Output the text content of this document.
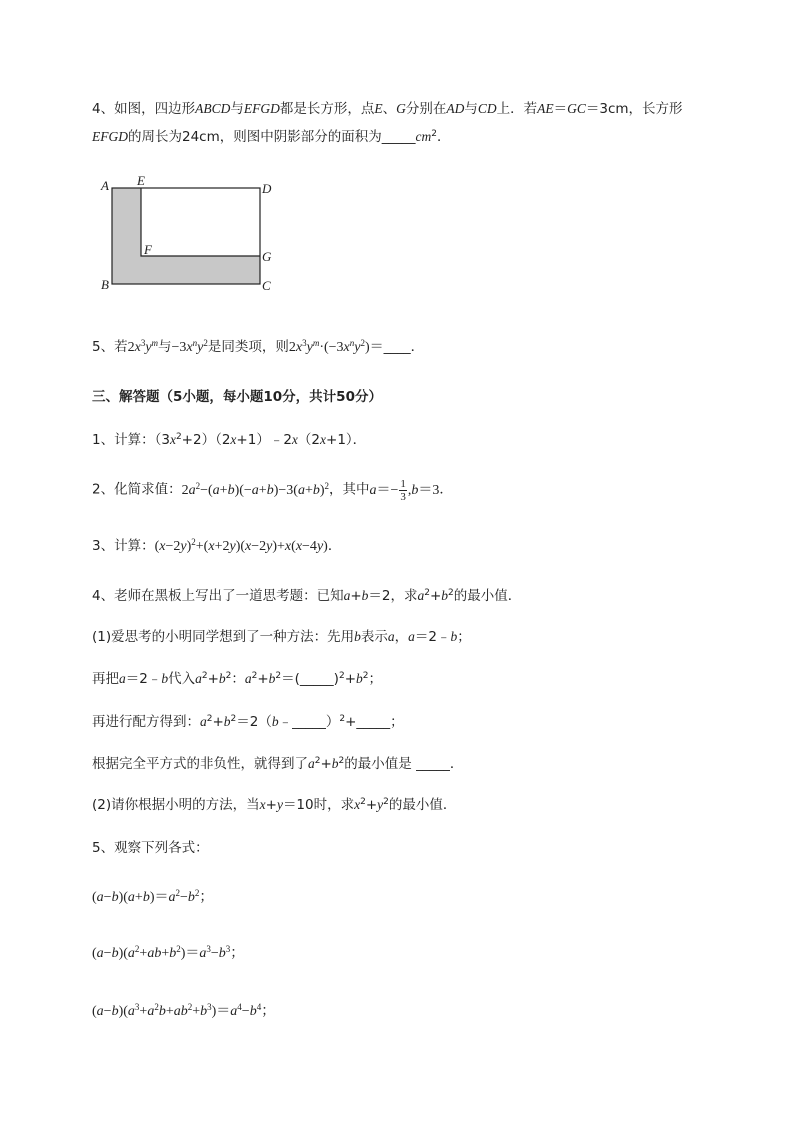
4、如图，四边形ABCD与EFGD都是长方形，点E、G分别在AD与CD上．若AE＝GC＝3cm，长方形
EFGD的周长为24cm，则图中阴影部分的面积为$\_\_\_\_\_cm^2$．
A E
D
F	G
B	C
5、若$2x^3y^m$与$-3x^ny^2$是同类项，则$2x^3y^m\cdot(-3x^ny^2)=\_\_\_\_$．
三、解答题（5小题，每小题10分，共计50分）
1、计算：$(3x^2+2)(2x+1)﹣2x(2x+1)$．
2、化简求值：$2a^2-(a+b)(-a+b)-3(a+b)^2$，其中$a=- \frac{1}{3} ,b=3$．
3、计算：$(x-2y)^2+(x+2y)(x-2y)+x(x-4y)$．
4、老师在黑板上写出了一道思考题：已知a+b＝2，求$a^2+b^2$的最小值．
(1)爱思考的小明同学想到了一种方法：先用b表示a，a＝2﹣b；
再把a＝2﹣b代入$a^2+b^2$：$a^2+b^2=(\_\_\_\_\_)^2+b^2$；
再进行配方得到：$a^2+b^2=2(b﹣\_\_\_\_\_)^2+\_\_\_\_\_$；
根据完全平方式的非负性，就得到了$a^2+b^2$的最小值是 _____．
(2)请你根据小明的方法，当x+y＝10时，求$x^2+y^2$的最小值．
5、观察下列各式：
$(a-b)(a+b)=a^2-b^2$；
$(a-b)(a^2+ab+b^2)=a^3-b^3$；
$(a-b)(a^3+a^2b+ab^2+b^3)=a^4-b^4$；
